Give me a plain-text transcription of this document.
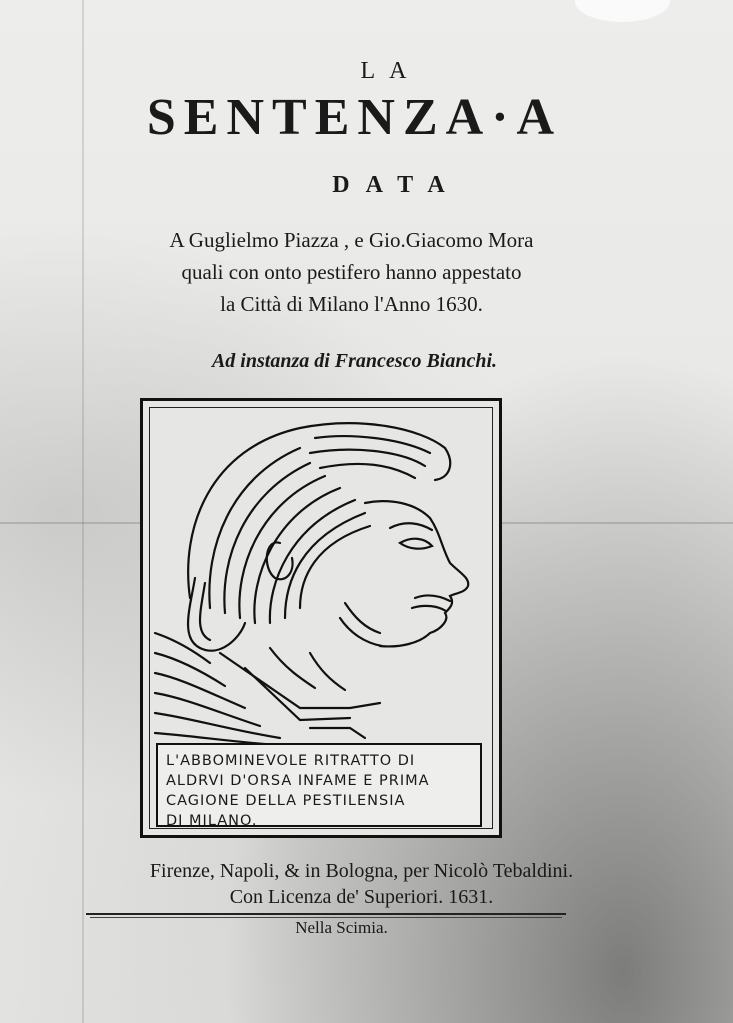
LA
SENTENZA·A
DATA
A Guglielmo Piazza , e Gio.Giacomo Mora
quali con onto pestifero hanno appestato
la Città di Milano l'Anno 1630.
Ad instanza di Francesco Bianchi.
L'ABBOMINEVOLE RITRATTO DI
ALDRVI D'ORSA INFAME E PRIMA
CAGIONE DELLA PESTILENSIA
DI MILANO.
Firenze, Napoli, & in Bologna, per Nicolò Tebaldini.
Con Licenza de' Superiori. 1631.
Nella Scimia.
